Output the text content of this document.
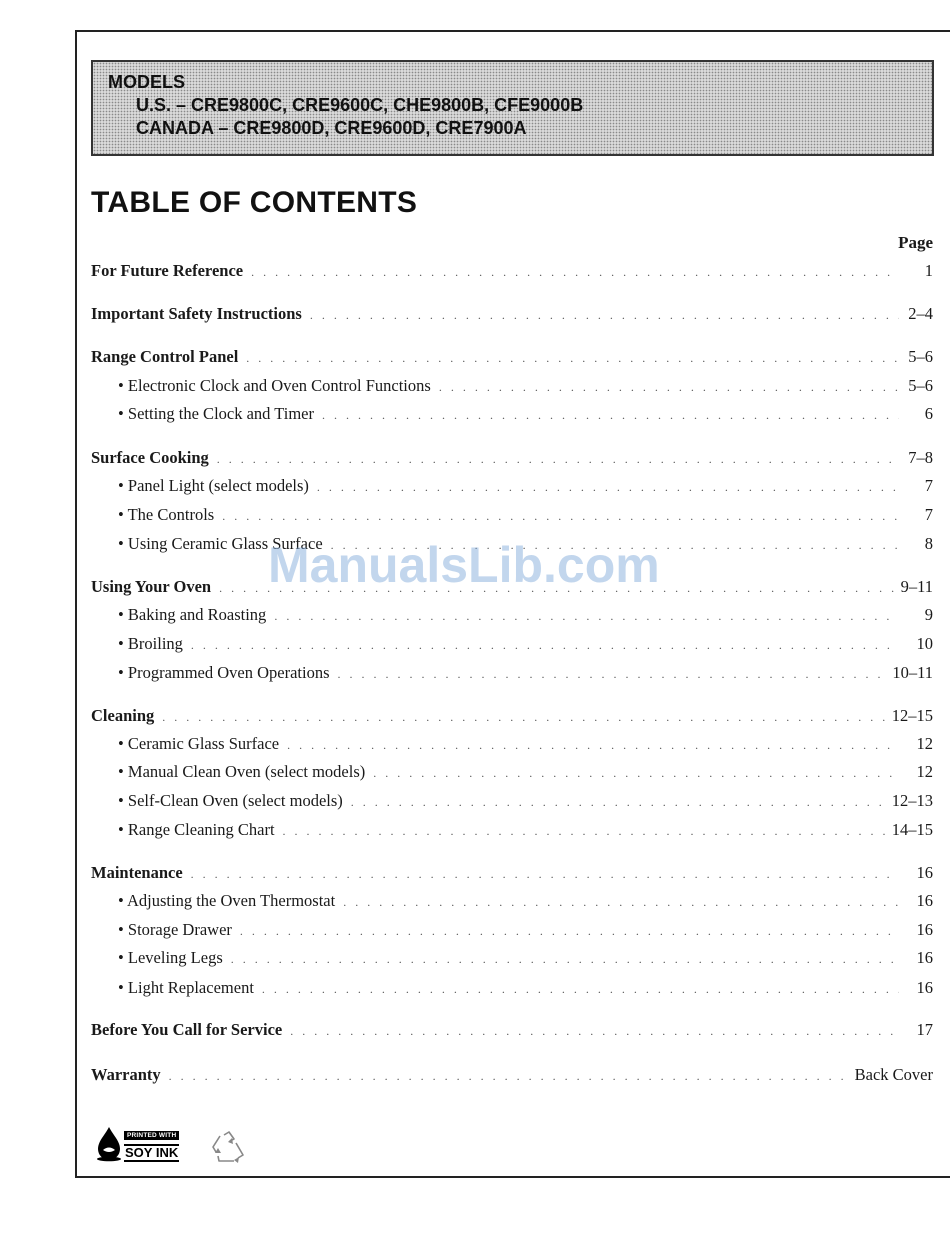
MODELS
U.S. – CRE9800C, CRE9600C, CHE9800B, CFE9000B
CANADA – CRE9800D, CRE9600D, CRE7900A
TABLE OF CONTENTS
Page
For Future Reference . . .	1
Important Safety Instructions . . .	2–4
Range Control Panel . . .	5–6
• Electronic Clock and Oven Control Functions . . .	5–6
• Setting the Clock and Timer . . .	6
Surface Cooking . . .	7–8
• Panel Light (select models) . . .	7
• The Controls . . .	7
• Using Ceramic Glass Surface . . .	8
Using Your Oven . . .	9–11
• Baking and Roasting . . .	9
• Broiling . . .	10
• Programmed Oven Operations . . .	10–11
Cleaning . . .	12–15
• Ceramic Glass Surface . . .	12
• Manual Clean Oven (select models) . . .	12
• Self-Clean Oven (select models) . . .	12–13
• Range Cleaning Chart . . .	14–15
Maintenance . . .	16
• Adjusting the Oven Thermostat . . .	16
• Storage Drawer . . .	16
• Leveling Legs . . .	16
• Light Replacement . . .	16
Before You Call for Service . . .	17
Warranty . . .	Back Cover
ManualsLib.com
PRINTED WITH
SOY INK
